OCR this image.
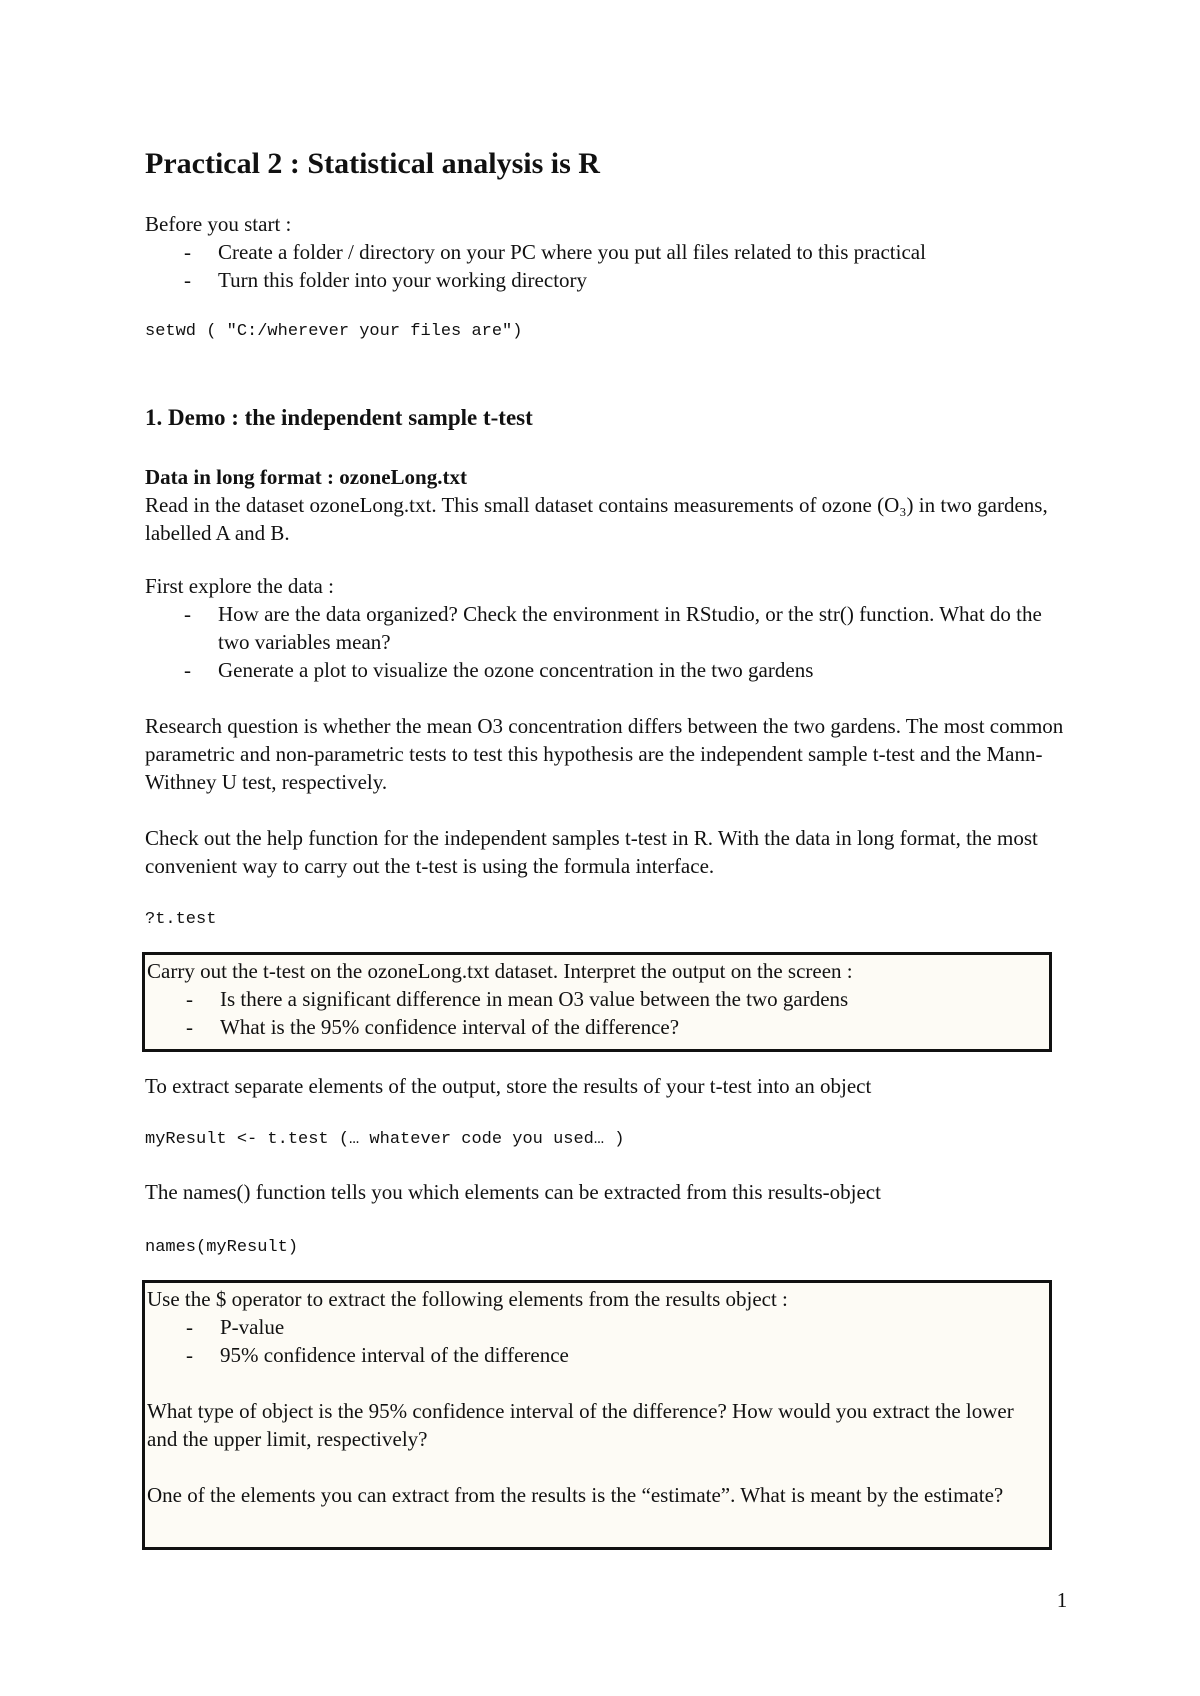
Practical 2 : Statistical analysis is R

Before you start :

- Create a folder / directory on your PC where you put all files related to this practical
- Turn this folder into your working directory
setwd ( "C:/wherever your files are")
1. Demo : the independent sample t-test

Data in long format : ozoneLong.txt

Read in the dataset ozoneLong.txt. This small dataset contains measurements of ozone (O₃) in two gardens, labelled A and B.

First explore the data :

- How are the data organized? Check the environment in RStudio, or the str() function. What do the two variables mean?
- Generate a plot to visualize the ozone concentration in the two gardens

Research question is whether the mean O3 concentration differs between the two gardens. The most common parametric and non-parametric tests to test this hypothesis are the independent sample t-test and the Mann-Withney U test, respectively.

Check out the help function for the independent samples t-test in R. With the data in long format, the most convenient way to carry out the t-test is using the formula interface.

?t.test

Carry out the t-test on the ozoneLong.txt dataset. Interpret the output on the screen :

- Is there a significant difference in mean O3 value between the two gardens
- What is the 95% confidence interval of the difference?

To extract separate elements of the output, store the results of your t-test into an object

myResult <- t.test (… whatever code you used… )

The names() function tells you which elements can be extracted from this results-object

names(myResult)

Use the $ operator to extract the following elements from the results object :

- P-value
- 95% confidence interval of the difference

What type of object is the 95% confidence interval of the difference? How would you extract the lower and the upper limit, respectively?

One of the elements you can extract from the results is the “estimate”. What is meant by the estimate?

1
